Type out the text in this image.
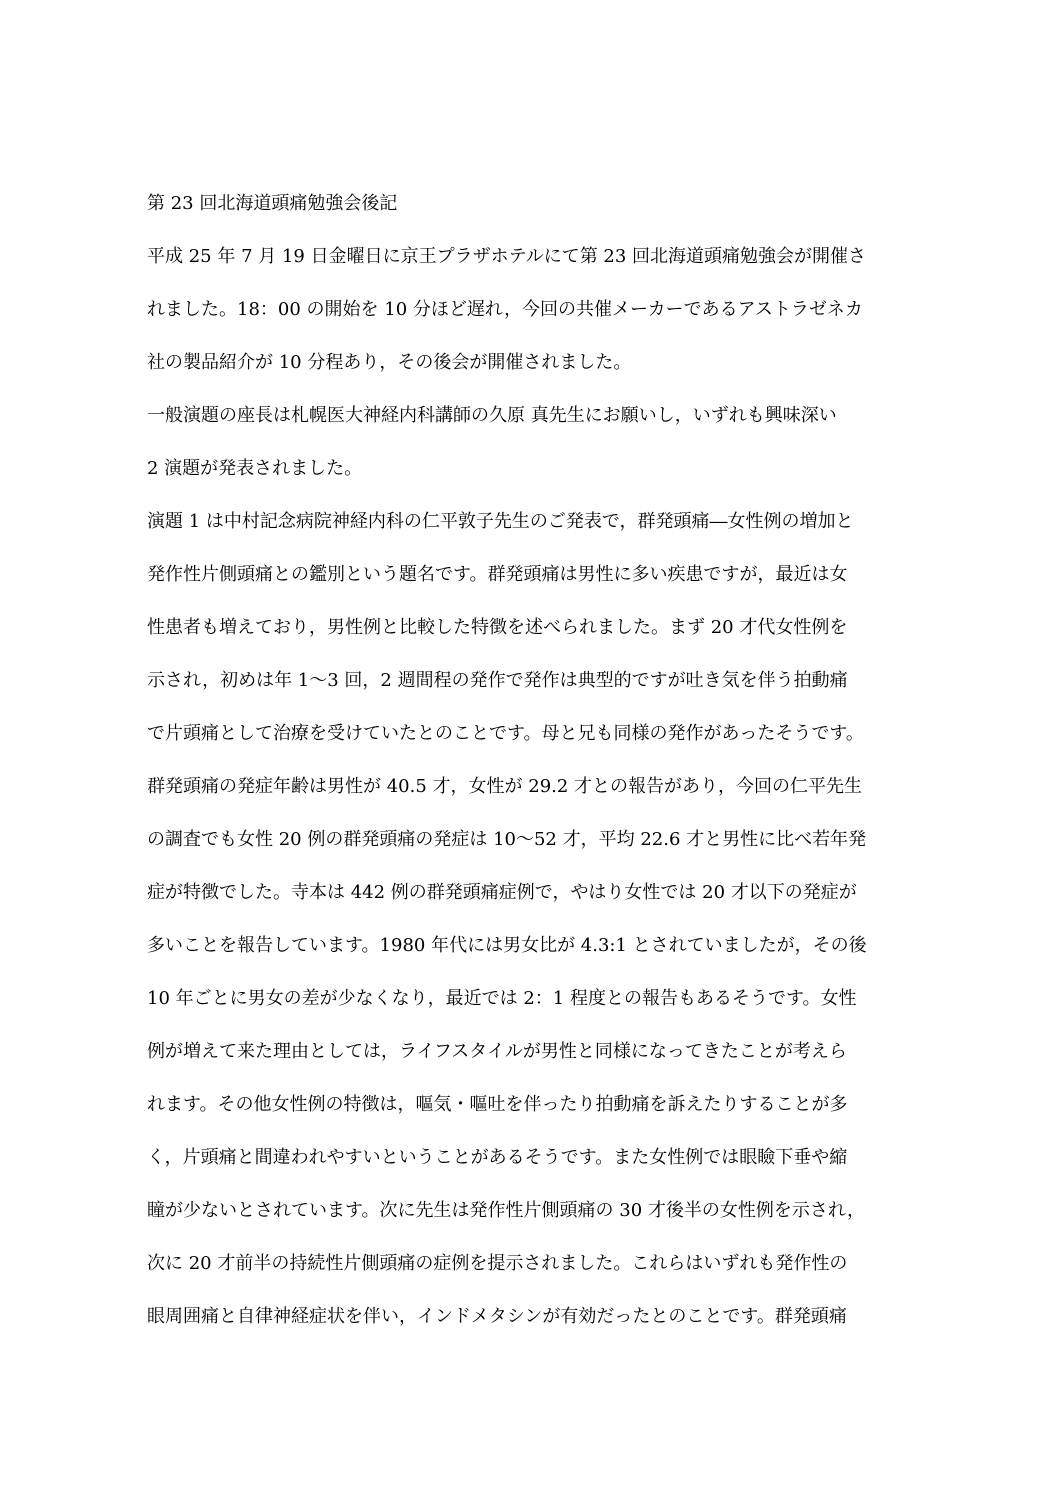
第 23 回北海道頭痛勉強会後記
平成 25 年 7 月 19 日金曜日に京王プラザホテルにて第 23 回北海道頭痛勉強会が開催さ
れました。18：00 の開始を 10 分ほど遅れ，今回の共催メーカーであるアストラゼネカ
社の製品紹介が 10 分程あり，その後会が開催されました。
一般演題の座長は札幌医大神経内科講師の久原 真先生にお願いし，いずれも興味深い
2 演題が発表されました。
演題 1 は中村記念病院神経内科の仁平敦子先生のご発表で，群発頭痛―女性例の増加と
発作性片側頭痛との鑑別という題名です。群発頭痛は男性に多い疾患ですが，最近は女
性患者も増えており，男性例と比較した特徴を述べられました。まず 20 才代女性例を
示され，初めは年 1〜3 回，2 週間程の発作で発作は典型的ですが吐き気を伴う拍動痛
で片頭痛として治療を受けていたとのことです。母と兄も同様の発作があったそうです。
群発頭痛の発症年齢は男性が 40.5 才，女性が 29.2 才との報告があり，今回の仁平先生
の調査でも女性 20 例の群発頭痛の発症は 10〜52 才，平均 22.6 才と男性に比べ若年発
症が特徴でした。寺本は 442 例の群発頭痛症例で，やはり女性では 20 才以下の発症が
多いことを報告しています。1980 年代には男女比が 4.3:1 とされていましたが，その後
10 年ごとに男女の差が少なくなり，最近では 2：1 程度との報告もあるそうです。女性
例が増えて来た理由としては，ライフスタイルが男性と同様になってきたことが考えら
れます。その他女性例の特徴は，嘔気・嘔吐を伴ったり拍動痛を訴えたりすることが多
く，片頭痛と間違われやすいということがあるそうです。また女性例では眼瞼下垂や縮
瞳が少ないとされています。次に先生は発作性片側頭痛の 30 才後半の女性例を示され，
次に 20 才前半の持続性片側頭痛の症例を提示されました。これらはいずれも発作性の
眼周囲痛と自律神経症状を伴い，インドメタシンが有効だったとのことです。群発頭痛
